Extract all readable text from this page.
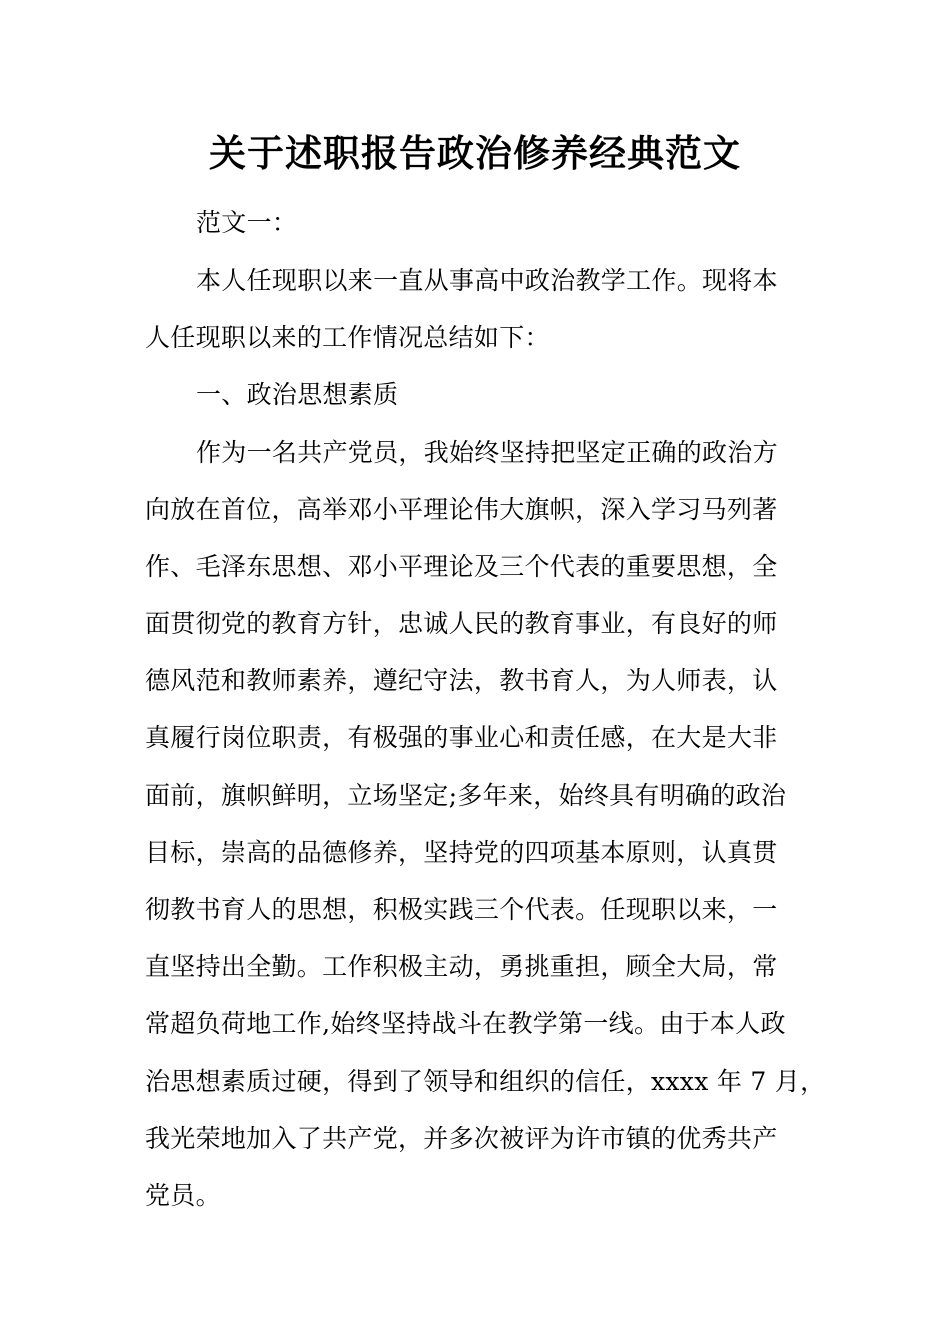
关于述职报告政治修养经典范文
范文一：
本人任现职以来一直从事高中政治教学工作。现将本
人任现职以来的工作情况总结如下：
一、政治思想素质
作为一名共产党员，我始终坚持把坚定正确的政治方
向放在首位，高举邓小平理论伟大旗帜，深入学习马列著
作、毛泽东思想、邓小平理论及三个代表的重要思想，全
面贯彻党的教育方针，忠诚人民的教育事业，有良好的师
德风范和教师素养，遵纪守法，教书育人，为人师表，认
真履行岗位职责，有极强的事业心和责任感，在大是大非
面前，旗帜鲜明，立场坚定;多年来，始终具有明确的政治
目标，崇高的品德修养，坚持党的四项基本原则，认真贯
彻教书育人的思想，积极实践三个代表。任现职以来，一
直坚持出全勤。工作积极主动，勇挑重担，顾全大局，常
常超负荷地工作,始终坚持战斗在教学第一线。由于本人政
治思想素质过硬，得到了领导和组织的信任，xxxx 年 7 月，
我光荣地加入了共产党，并多次被评为许市镇的优秀共产
党员。
